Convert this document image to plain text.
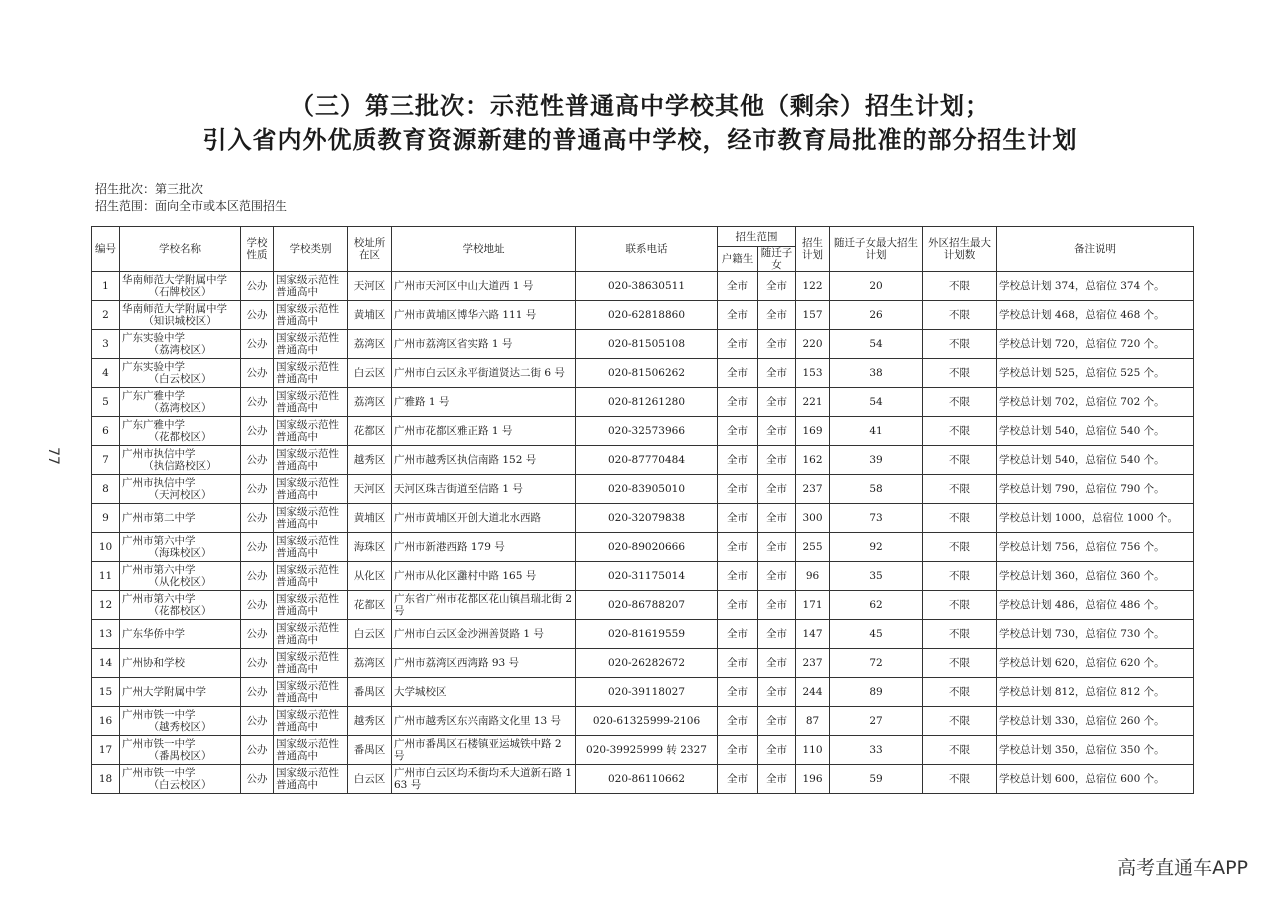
（三）第三批次：示范性普通高中学校其他（剩余）招生计划；
引入省内外优质教育资源新建的普通高中学校，经市教育局批准的部分招生计划
招生批次：第三批次
招生范围：面向全市或本区范围招生
77
编号	学校名称	学校性质	学校类别	校址所在区	学校地址	联系电话	招生范围		招生计划	随迁子女最大招生计划	外区招生最大计划数	备注说明
							户籍生	随迁子女				
1	华南师范大学附属中学
（石牌校区）	公办	国家级示范性普通高中	天河区	广州市天河区中山大道西 1 号	020-38630511	全市	全市	122	20	不限	学校总计划 374，总宿位 374 个。
2	华南师范大学附属中学
（知识城校区）	公办	国家级示范性普通高中	黄埔区	广州市黄埔区博华六路 111 号	020-62818860	全市	全市	157	26	不限	学校总计划 468，总宿位 468 个。
3	广东实验中学
（荔湾校区）	公办	国家级示范性普通高中	荔湾区	广州市荔湾区省实路 1 号	020-81505108	全市	全市	220	54	不限	学校总计划 720，总宿位 720 个。
4	广东实验中学
（白云校区）	公办	国家级示范性普通高中	白云区	广州市白云区永平街道贤达二街 6 号	020-81506262	全市	全市	153	38	不限	学校总计划 525，总宿位 525 个。
5	广东广雅中学
（荔湾校区）	公办	国家级示范性普通高中	荔湾区	广雅路 1 号	020-81261280	全市	全市	221	54	不限	学校总计划 702，总宿位 702 个。
6	广东广雅中学
（花都校区）	公办	国家级示范性普通高中	花都区	广州市花都区雅正路 1 号	020-32573966	全市	全市	169	41	不限	学校总计划 540，总宿位 540 个。
7	广州市执信中学
（执信路校区）	公办	国家级示范性普通高中	越秀区	广州市越秀区执信南路 152 号	020-87770484	全市	全市	162	39	不限	学校总计划 540，总宿位 540 个。
8	广州市执信中学
（天河校区）	公办	国家级示范性普通高中	天河区	天河区珠吉街道至信路 1 号	020-83905010	全市	全市	237	58	不限	学校总计划 790，总宿位 790 个。
9	广州市第二中学	公办	国家级示范性普通高中	黄埔区	广州市黄埔区开创大道北水西路	020-32079838	全市	全市	300	73	不限	学校总计划 1000，总宿位 1000 个。
10	广州市第六中学
（海珠校区）	公办	国家级示范性普通高中	海珠区	广州市新港西路 179 号	020-89020666	全市	全市	255	92	不限	学校总计划 756，总宿位 756 个。
11	广州市第六中学
（从化校区）	公办	国家级示范性普通高中	从化区	广州市从化区灉村中路 165 号	020-31175014	全市	全市	96	35	不限	学校总计划 360，总宿位 360 个。
12	广州市第六中学
（花都校区）	公办	国家级示范性普通高中	花都区	广东省广州市花都区花山镇昌瑞北街 2 号	020-86788207	全市	全市	171	62	不限	学校总计划 486，总宿位 486 个。
13	广东华侨中学	公办	国家级示范性普通高中	白云区	广州市白云区金沙洲善贤路 1 号	020-81619559	全市	全市	147	45	不限	学校总计划 730，总宿位 730 个。
14	广州协和学校	公办	国家级示范性普通高中	荔湾区	广州市荔湾区西湾路 93 号	020-26282672	全市	全市	237	72	不限	学校总计划 620，总宿位 620 个。
15	广州大学附属中学	公办	国家级示范性普通高中	番禺区	大学城校区	020-39118027	全市	全市	244	89	不限	学校总计划 812，总宿位 812 个。
16	广州市铁一中学
（越秀校区）	公办	国家级示范性普通高中	越秀区	广州市越秀区东兴南路文化里 13 号	020-61325999-2106	全市	全市	87	27	不限	学校总计划 330，总宿位 260 个。
17	广州市铁一中学
（番禺校区）	公办	国家级示范性普通高中	番禺区	广州市番禺区石楼镇亚运城铁中路 2 号	020-39925999 转 2327	全市	全市	110	33	不限	学校总计划 350，总宿位 350 个。
18	广州市铁一中学
（白云校区）	公办	国家级示范性普通高中	白云区	广州市白云区均禾街均禾大道新石路 163 号	020-86110662	全市	全市	196	59	不限	学校总计划 600，总宿位 600 个。
高考直通车APP
